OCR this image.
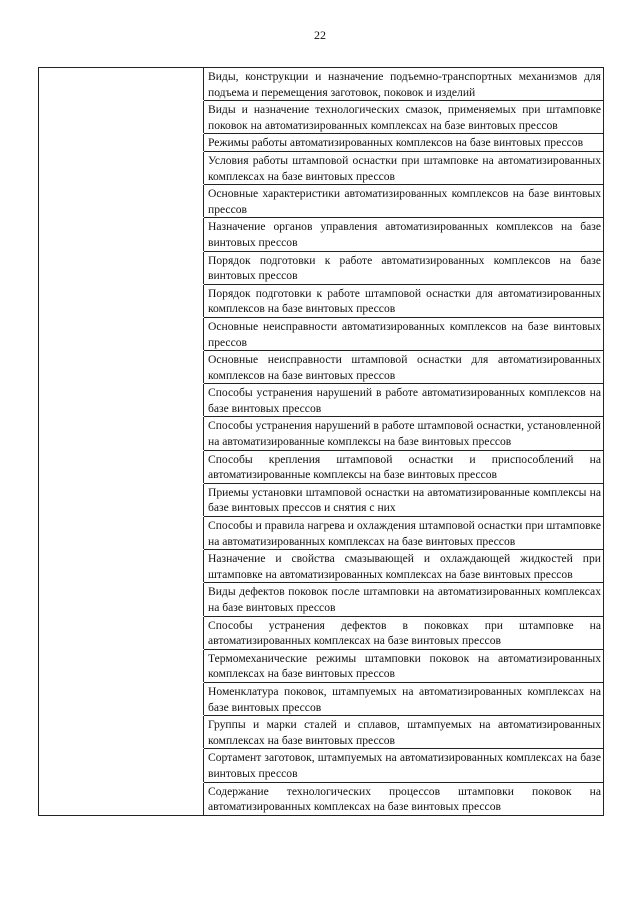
22
Виды, конструкции и назначение подъемно-транспортных механизмов для подъема и перемещения заготовок, поковок и изделий
Виды и назначение технологических смазок, применяемых при штамповке поковок на автоматизированных комплексах на базе винтовых прессов
Режимы работы автоматизированных комплексов на базе винтовых прессов
Условия работы штамповой оснастки при штамповке на автоматизированных комплексах на базе винтовых прессов
Основные характеристики автоматизированных комплексов на базе винтовых прессов
Назначение органов управления автоматизированных комплексов на базе винтовых прессов
Порядок подготовки к работе автоматизированных комплексов на базе винтовых прессов
Порядок подготовки к работе штамповой оснастки для автоматизированных комплексов на базе винтовых прессов
Основные неисправности автоматизированных комплексов на базе винтовых прессов
Основные неисправности штамповой оснастки для автоматизированных комплексов на базе винтовых прессов
Способы устранения нарушений в работе автоматизированных комплексов на базе винтовых прессов
Способы устранения нарушений в работе штамповой оснастки, установленной на автоматизированные комплексы на базе винтовых прессов
Способы крепления штамповой оснастки и приспособлений на автоматизированные комплексы на базе винтовых прессов
Приемы установки штамповой оснастки на автоматизированные комплексы на базе винтовых прессов и снятия с них
Способы и правила нагрева и охлаждения штамповой оснастки при штамповке на автоматизированных комплексах на базе винтовых прессов
Назначение и свойства смазывающей и охлаждающей жидкостей при штамповке на автоматизированных комплексах на базе винтовых прессов
Виды дефектов поковок после штамповки на автоматизированных комплексах на базе винтовых прессов
Способы устранения дефектов в поковках при штамповке на автоматизированных комплексах на базе винтовых прессов
Термомеханические режимы штамповки поковок на автоматизированных комплексах на базе винтовых прессов
Номенклатура поковок, штампуемых на автоматизированных комплексах на базе винтовых прессов
Группы и марки сталей и сплавов, штампуемых на автоматизированных комплексах на базе винтовых прессов
Сортамент заготовок, штампуемых на автоматизированных комплексах на базе винтовых прессов
Содержание технологических процессов штамповки поковок на автоматизированных комплексах на базе винтовых прессов
